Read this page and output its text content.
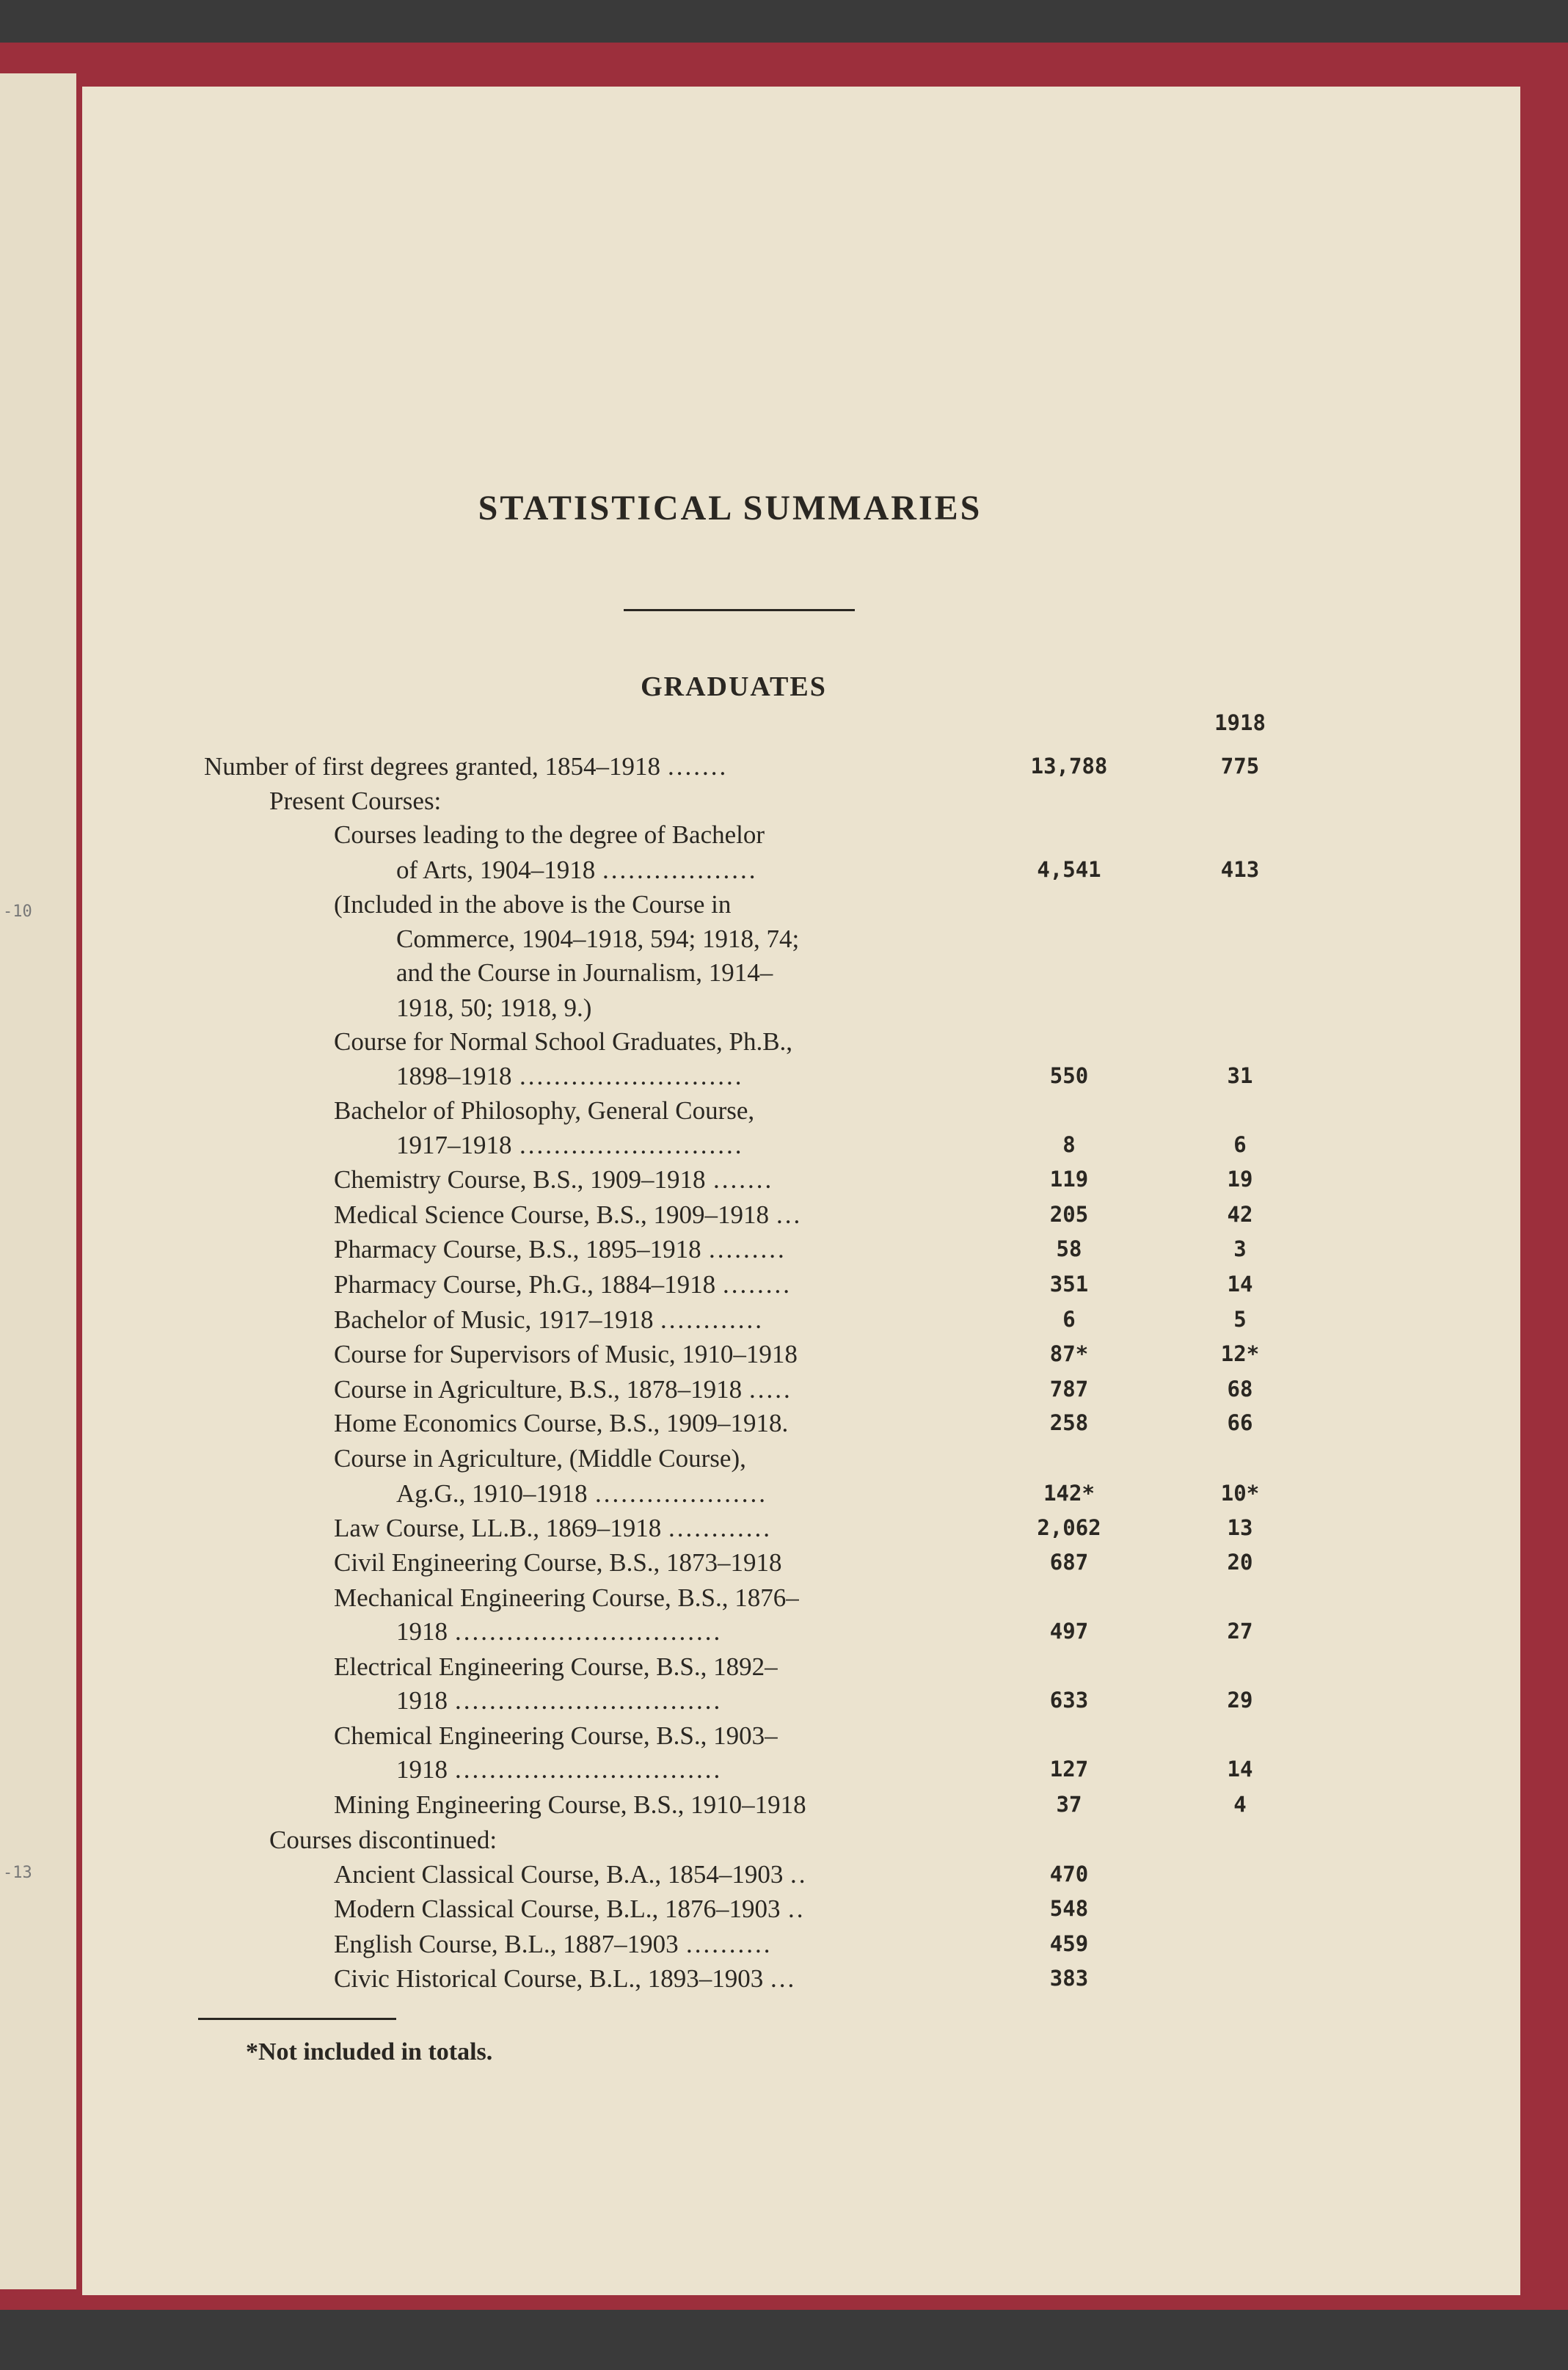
-10
-13
STATISTICAL SUMMARIES
GRADUATES
1918
Number of first degrees granted, 1854–1918 .......	13,788	775
Present Courses:
Courses leading to the degree of Bachelor
of Arts, 1904–1918 ..................	4,541	413
(Included in the above is the Course in
Commerce, 1904–1918, 594; 1918, 74;
and the Course in Journalism, 1914–
1918, 50; 1918, 9.)
Course for Normal School Graduates, Ph.B.,
1898–1918 ..........................	550	31
Bachelor of Philosophy, General Course,
1917–1918 ..........................	8	6
Chemistry Course, B.S., 1909–1918 .......	119	19
Medical Science Course, B.S., 1909–1918 ...	205	42
Pharmacy Course, B.S., 1895–1918 .........	58	3
Pharmacy Course, Ph.G., 1884–1918 ........	351	14
Bachelor of Music, 1917–1918 ............	6	5
Course for Supervisors of Music, 1910–1918	87*	12*
Course in Agriculture, B.S., 1878–1918 .....	787	68
Home Economics Course, B.S., 1909–1918.	258	66
Course in Agriculture, (Middle Course),
Ag.G., 1910–1918 ....................	142*	10*
Law Course, LL.B., 1869–1918 ............	2,062	13
Civil Engineering Course, B.S., 1873–1918	687	20
Mechanical Engineering Course, B.S., 1876–
1918 ...............................	497	27
Electrical Engineering Course, B.S., 1892–
1918 ...............................	633	29
Chemical Engineering Course, B.S., 1903–
1918 ...............................	127	14
Mining Engineering Course, B.S., 1910–1918	37	4
Courses discontinued:
Ancient Classical Course, B.A., 1854–1903 ..	470
Modern Classical Course, B.L., 1876–1903 ..	548
English Course, B.L., 1887–1903 ..........	459
Civic Historical Course, B.L., 1893–1903 ...	383
*Not included in totals.
